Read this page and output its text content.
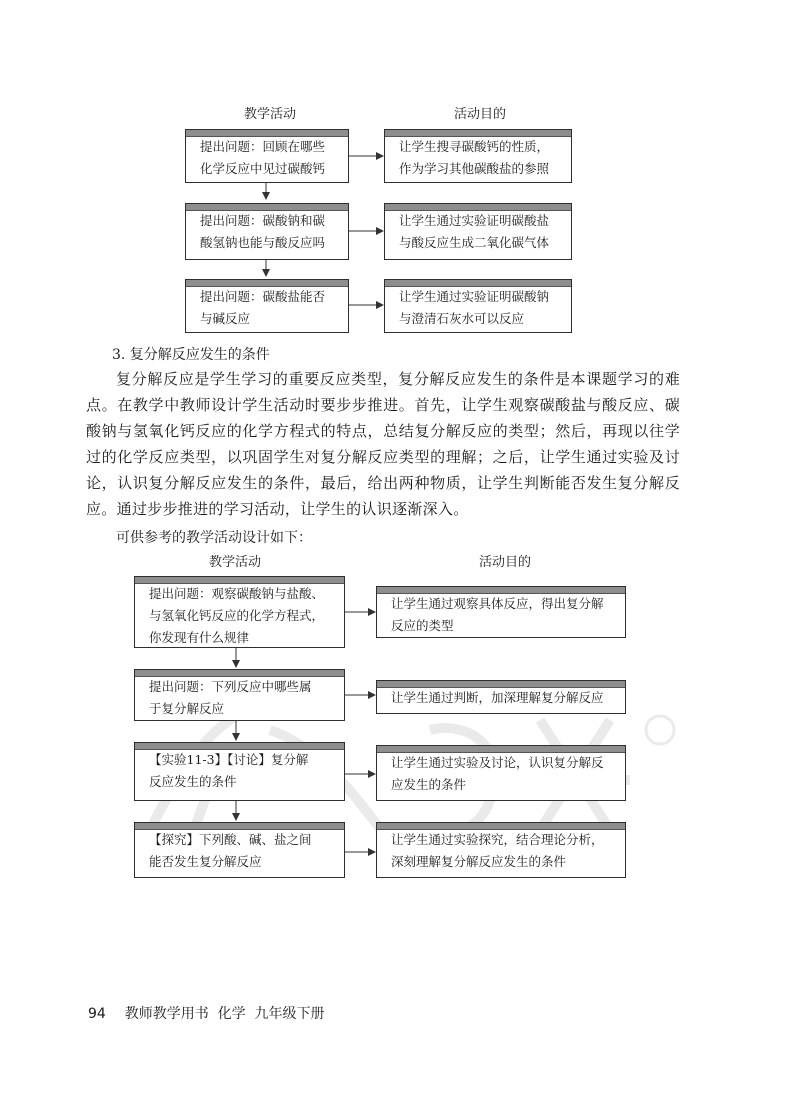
教学活动	活动目的
提出问题：回顾在哪些
化学反应中见过碳酸钙
让学生搜寻碳酸钙的性质，
作为学习其他碳酸盐的参照
提出问题：碳酸钠和碳
酸氢钠也能与酸反应吗
让学生通过实验证明碳酸盐
与酸反应生成二氧化碳气体
提出问题：碳酸盐能否
与碱反应
让学生通过实验证明碳酸钠
与澄清石灰水可以反应
3. 复分解反应发生的条件

复分解反应是学生学习的重要反应类型，复分解反应发生的条件是本课题学习的难点。在教学中教师设计学生活动时要步步推进。首先，让学生观察碳酸盐与酸反应、碳酸钠与氢氧化钙反应的化学方程式的特点，总结复分解反应的类型；然后，再现以往学过的化学反应类型，以巩固学生对复分解反应类型的理解；之后，让学生通过实验及讨论，认识复分解反应发生的条件，最后，给出两种物质，让学生判断能否发生复分解反应。通过步步推进的学习活动，让学生的认识逐渐深入。

可供参考的教学活动设计如下：
教学活动	活动目的
提出问题：观察碳酸钠与盐酸、
与氢氧化钙反应的化学方程式，
你发现有什么规律
让学生通过观察具体反应，得出复分解
反应的类型
提出问题：下列反应中哪些属
于复分解反应
让学生通过判断，加深理解复分解反应
【实验11-3】【讨论】复分解
反应发生的条件
让学生通过实验及讨论，认识复分解反
应发生的条件
【探究】下列酸、碱、盐之间
能否发生复分解反应
让学生通过实验探究，结合理论分析，
深刻理解复分解反应发生的条件
94 教师教学用书  化学  九年级下册
